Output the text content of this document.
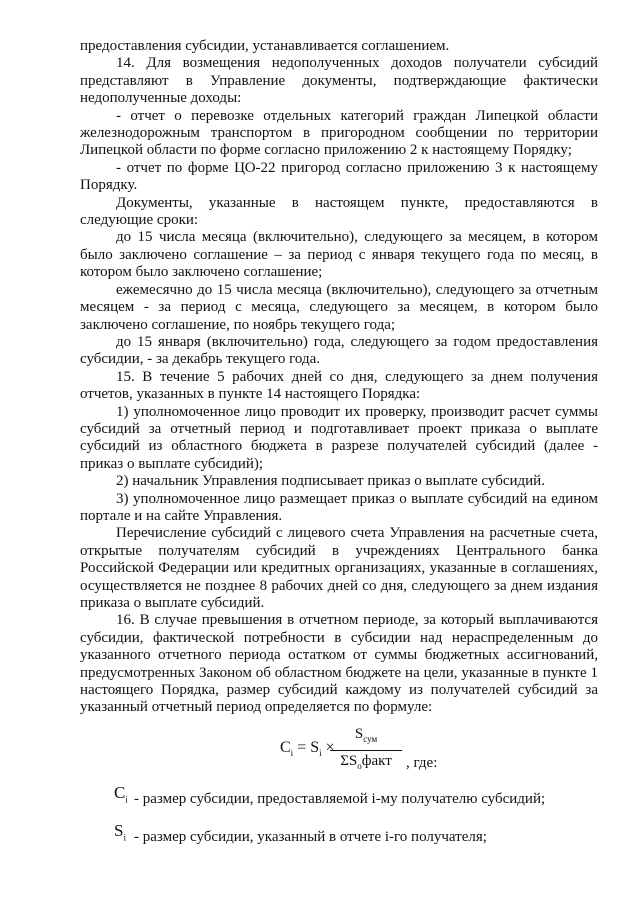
предоставления субсидии, устанавливается соглашением.

14. Для возмещения недополученных доходов получатели субсидий представляют в Управление документы, подтверждающие фактически недополученные доходы:

- отчет о перевозке отдельных категорий граждан Липецкой области железнодорожным транспортом в пригородном сообщении по территории Липецкой области по форме согласно приложению 2 к настоящему Порядку;

- отчет по форме ЦО-22 пригород согласно приложению 3 к настоящему Порядку.

Документы, указанные в настоящем пункте, предоставляются в следующие сроки:

до 15 числа месяца (включительно), следующего за месяцем, в котором было заключено соглашение – за период с января текущего года по месяц, в котором было заключено соглашение;

ежемесячно до 15 числа месяца (включительно), следующего за отчетным месяцем - за период с месяца, следующего за месяцем, в котором было заключено соглашение, по ноябрь текущего года;

до 15 января (включительно) года, следующего за годом предоставления субсидии, - за декабрь текущего года.

15. В течение 5 рабочих дней со дня, следующего за днем получения отчетов, указанных в пункте 14 настоящего Порядка:

1) уполномоченное лицо проводит их проверку, производит расчет суммы субсидий за отчетный период и подготавливает проект приказа о выплате субсидий из областного бюджета в разрезе получателей субсидий (далее - приказ о выплате субсидий);

2) начальник Управления подписывает приказ о выплате субсидий.

3) уполномоченное лицо размещает приказ о выплате субсидий на едином портале и на сайте Управления.

Перечисление субсидий с лицевого счета Управления на расчетные счета, открытые получателям субсидий в учреждениях Центрального банка Российской Федерации или кредитных организациях, указанные в соглашениях, осуществляется не позднее 8 рабочих дней со дня, следующего за днем издания приказа о выплате субсидий.

16. В случае превышения в отчетном периоде, за который выплачиваются субсидии, фактической потребности в субсидии над нераспределенным до указанного отчетного периода остатком от суммы бюджетных ассигнований, предусмотренных Законом об областном бюджете на цели, указанные в пункте 1 настоящего Порядка, размер субсидий каждому из получателей субсидий за указанный отчетный период определяется по формуле:

$C_i = S_i$ ×
$S_{сум}$
$\Sigma S_oфакт$ , где:
$C_i$ - размер субсидии, предоставляемой i-му получателю субсидий;
$S_i$ - размер субсидии, указанный в отчете i-го получателя;
